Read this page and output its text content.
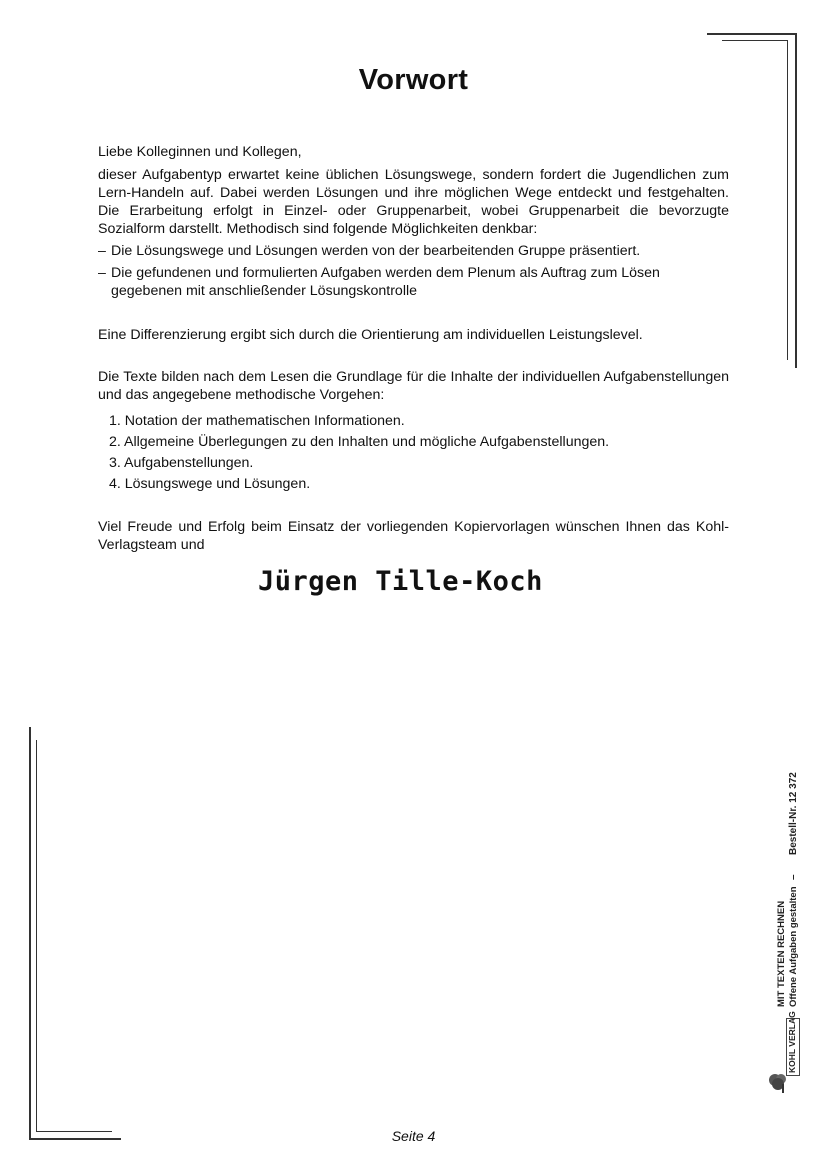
Vorwort

Liebe Kolleginnen und Kollegen,

dieser Aufgabentyp erwartet keine üblichen Lösungswege, sondern fordert die Jugendlichen zum Lern-Handeln auf. Dabei werden Lösungen und ihre möglichen Wege entdeckt und festgehalten. Die Erarbeitung erfolgt in Einzel- oder Gruppenarbeit, wobei Gruppenarbeit die bevorzugte Sozialform darstellt. Methodisch sind folgende Möglichkeiten denkbar:

– Die Lösungswege und Lösungen werden von der bearbeitenden Gruppe präsentiert.
– Die gefundenen und formulierten Aufgaben werden dem Plenum als Auftrag zum Lösen gegebenen mit anschließender Lösungskontrolle

Eine Differenzierung ergibt sich durch die Orientierung am individuellen Leistungslevel.

Die Texte bilden nach dem Lesen die Grundlage für die Inhalte der individuellen Aufgabenstellungen und das angegebene methodische Vorgehen:

1. Notation der mathematischen Informationen.
2. Allgemeine Überlegungen zu den Inhalten und mögliche Aufgabenstellungen.
3. Aufgabenstellungen.
4. Lösungswege und Lösungen.

Viel Freude und Erfolg beim Einsatz der vorliegenden Kopiervorlagen wünschen Ihnen das Kohl-Verlagsteam und

Jürgen Tille-Koch
Bestell-Nr. 12 372
–
MIT TEXTEN RECHNEN Offene Aufgaben gestalten
KOHL VERLAG
Seite 4
